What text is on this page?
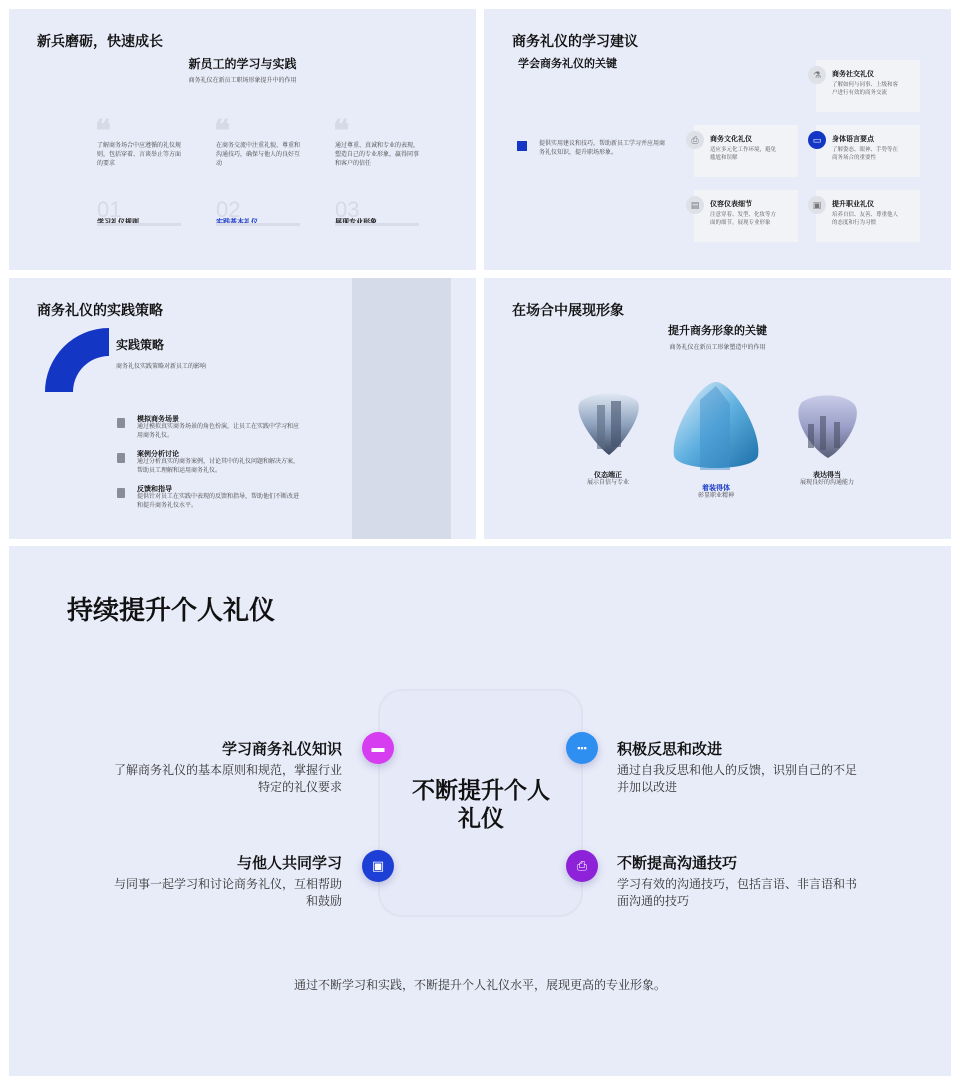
新兵磨砺，快速成长
新员工的学习与实践
商务礼仪在新员工职场形象提升中的作用
❝
了解商务场合中应遵循的礼仪规则，包括穿着、言谈举止等方面的要求
01
❝
在商务交流中注重礼貌、尊重和沟通技巧，确保与他人的良好互动
02
❝
通过尊重、真诚和专业的表现，塑造自己的专业形象，赢得同事和客户的信任
03
商务礼仪的学习建议
学会商务礼仪的关键
提供实用建议和技巧，帮助新员工学习并应用商务礼仪知识，提升职场形象。
⚗	商务社交礼仪
了解如何与同事、上级和客户进行有效的商务交流
⎙	商务文化礼仪
适应多元化工作环境，避免尴尬和误解
▭	身体语言要点
了解姿态、眼神、手势等在商务场合的重要性
▤	仪容仪表细节
注意穿着、发型、化妆等方面的细节，展现专业形象
▣	提升职业礼仪
培养自信、友善、尊重他人的态度和行为习惯
商务礼仪的实践策略
实践策略
商务礼仪实践策略对新员工的影响
模拟商务场景
通过模拟真实商务场景的角色扮演，让员工在实践中学习和应用商务礼仪。
案例分析讨论
通过分析真实的商务案例，讨论其中的礼仪问题和解决方案，帮助员工理解和运用商务礼仪。
反馈和指导
提供针对员工在实践中表现的反馈和指导，帮助他们不断改进和提升商务礼仪水平。
在场合中展现形象
提升商务形象的关键
商务礼仪在新员工形象塑造中的作用
仪态端正
展示自信与专业
着装得体
彰显职业精神
表达得当
展现良好的沟通能力
持续提升个人礼仪
不断提升个人礼仪
学习商务礼仪知识
了解商务礼仪的基本原则和规范，掌握行业特定的礼仪要求
▬
与他人共同学习
与同事一起学习和讨论商务礼仪，互相帮助和鼓励
▣
▪▪▪	积极反思和改进
通过自我反思和他人的反馈，识别自己的不足并加以改进
⎙	不断提高沟通技巧
学习有效的沟通技巧，包括言语、非言语和书面沟通的技巧
通过不断学习和实践，不断提升个人礼仪水平，展现更高的专业形象。
